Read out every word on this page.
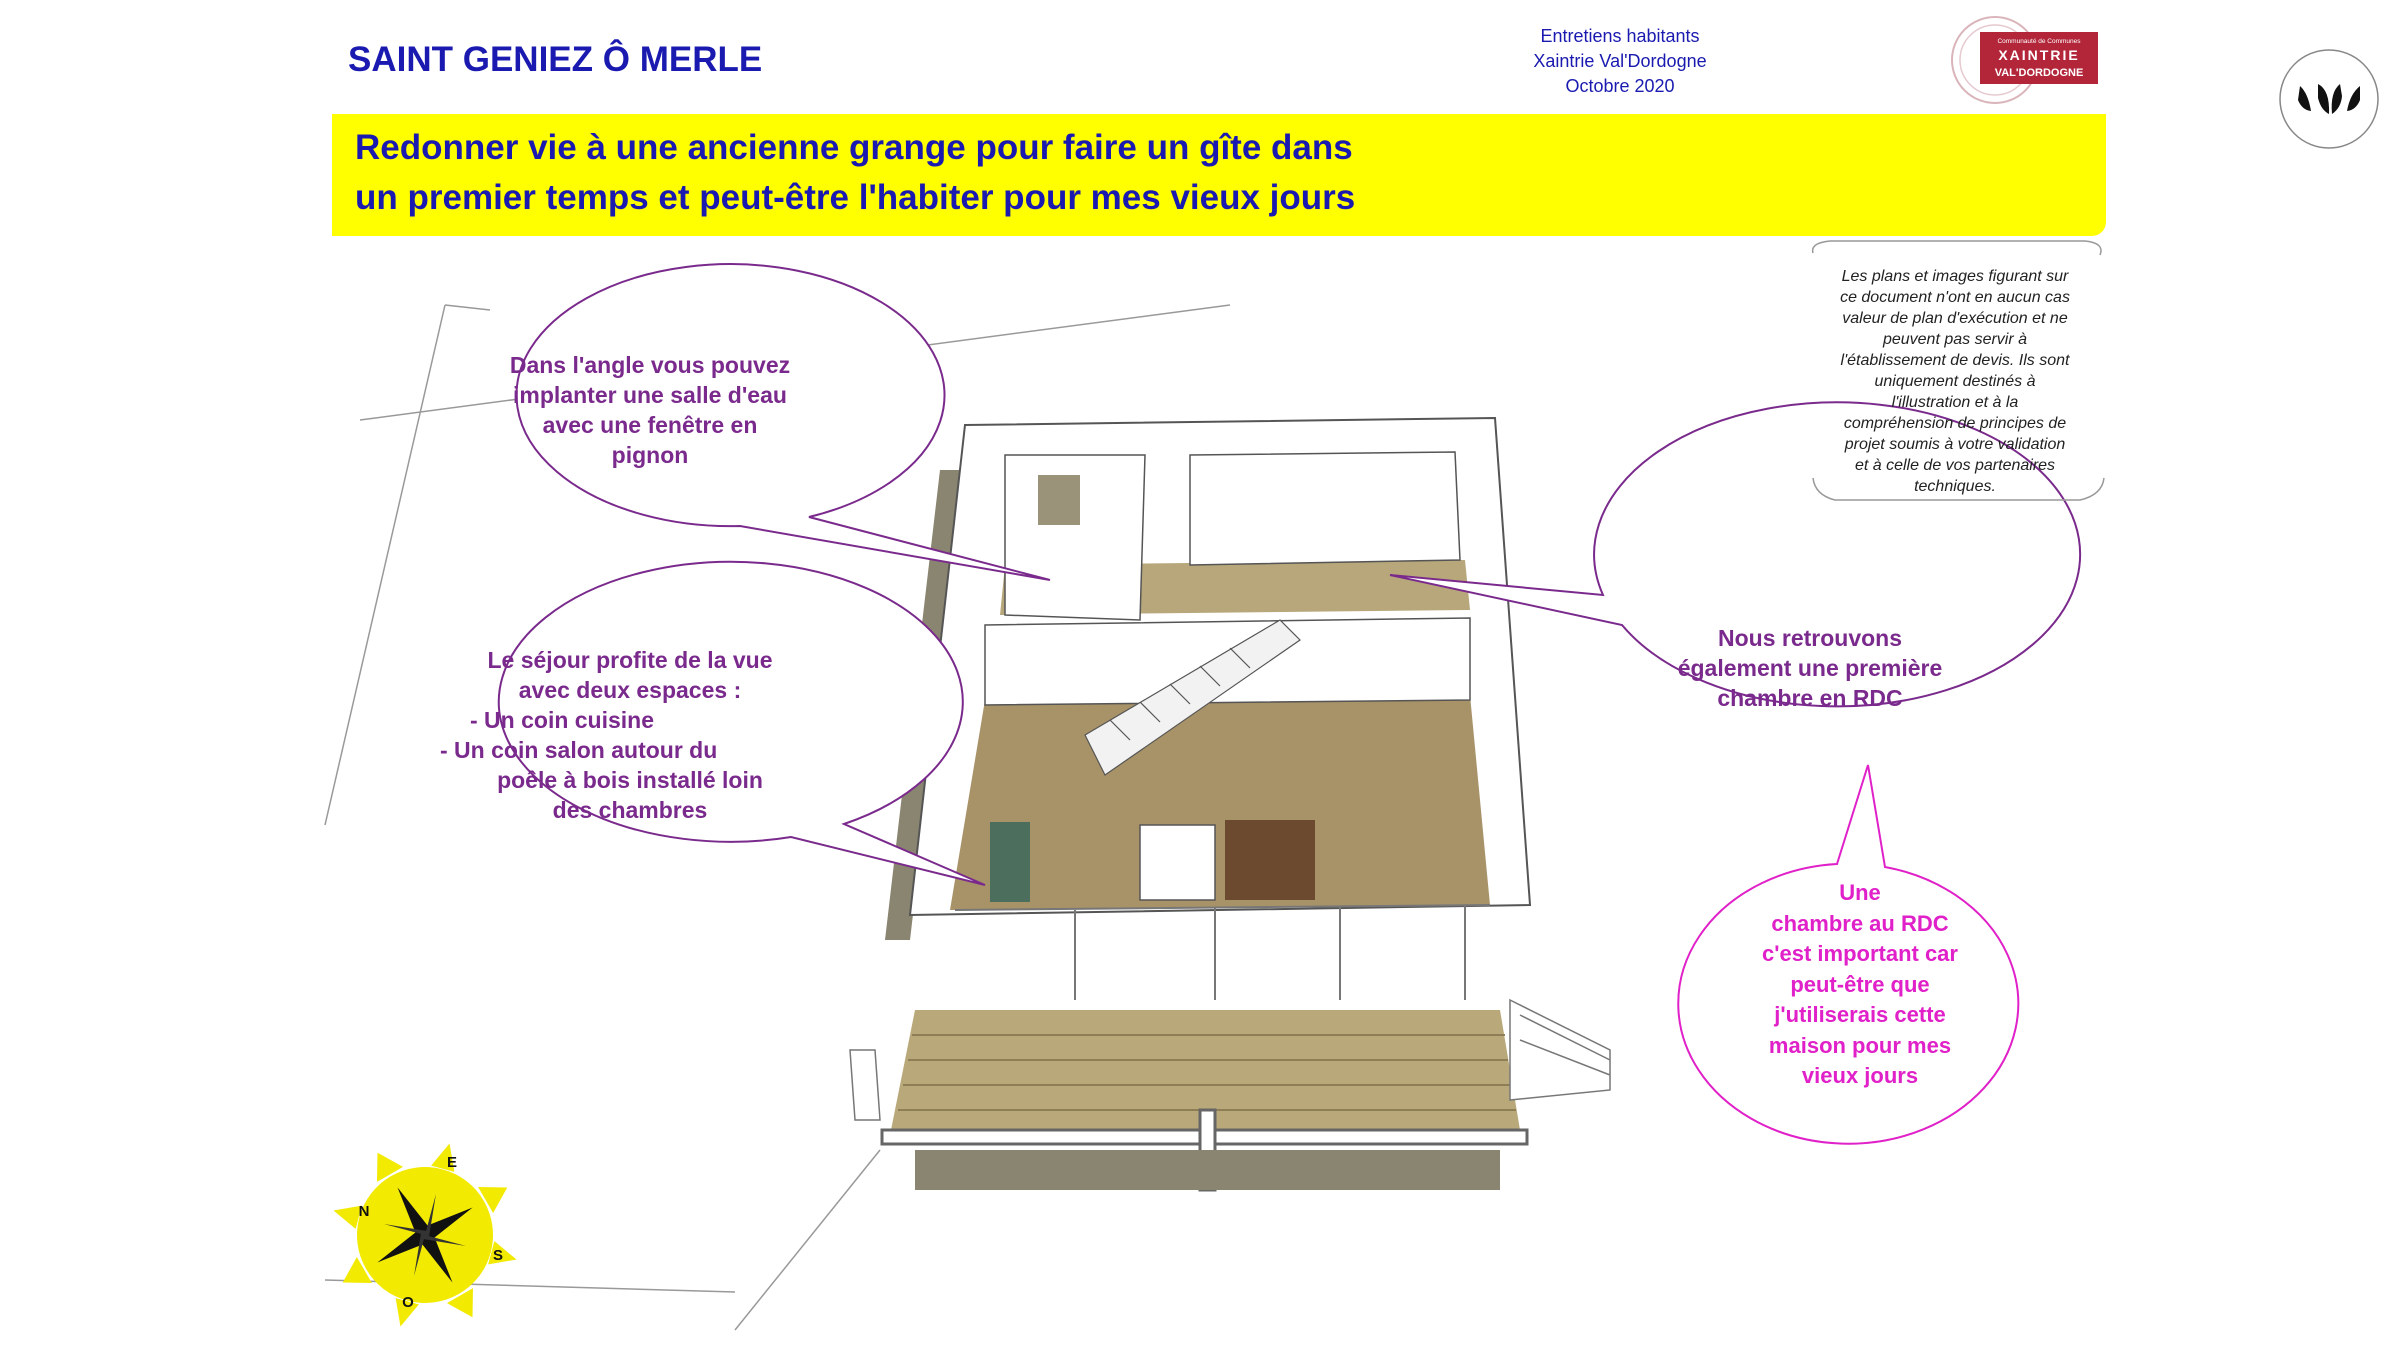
N
E
S
O
SAINT GENIEZ Ô MERLE
Entretiens habitants
Xaintrie Val'Dordogne
Octobre 2020
Communauté de Communes
XAINTRIE
VAL'DORDOGNE
Redonner vie à une ancienne grange pour faire un gîte dans
un premier temps et peut-être l'habiter pour mes vieux jours
Les plans et images figurant sur
ce document n'ont en aucun cas
valeur de plan d'exécution et ne
peuvent pas servir à
l'établissement de devis. Ils sont
uniquement destinés à
l'illustration et à la
compréhension de principes de
projet soumis à votre validation
et à celle de vos partenaires
techniques.
Dans l'angle vous pouvez
implanter une salle d'eau
avec une fenêtre en
pignon
Le séjour profite de la vue
avec deux espaces :
- Un coin cuisine
- Un coin salon autour du
poêle à bois installé loin
des chambres
Nous retrouvons
également une première
chambre en RDC
Une
chambre au RDC
c'est important car
peut-être que
j'utiliserais cette
maison pour mes
vieux jours
